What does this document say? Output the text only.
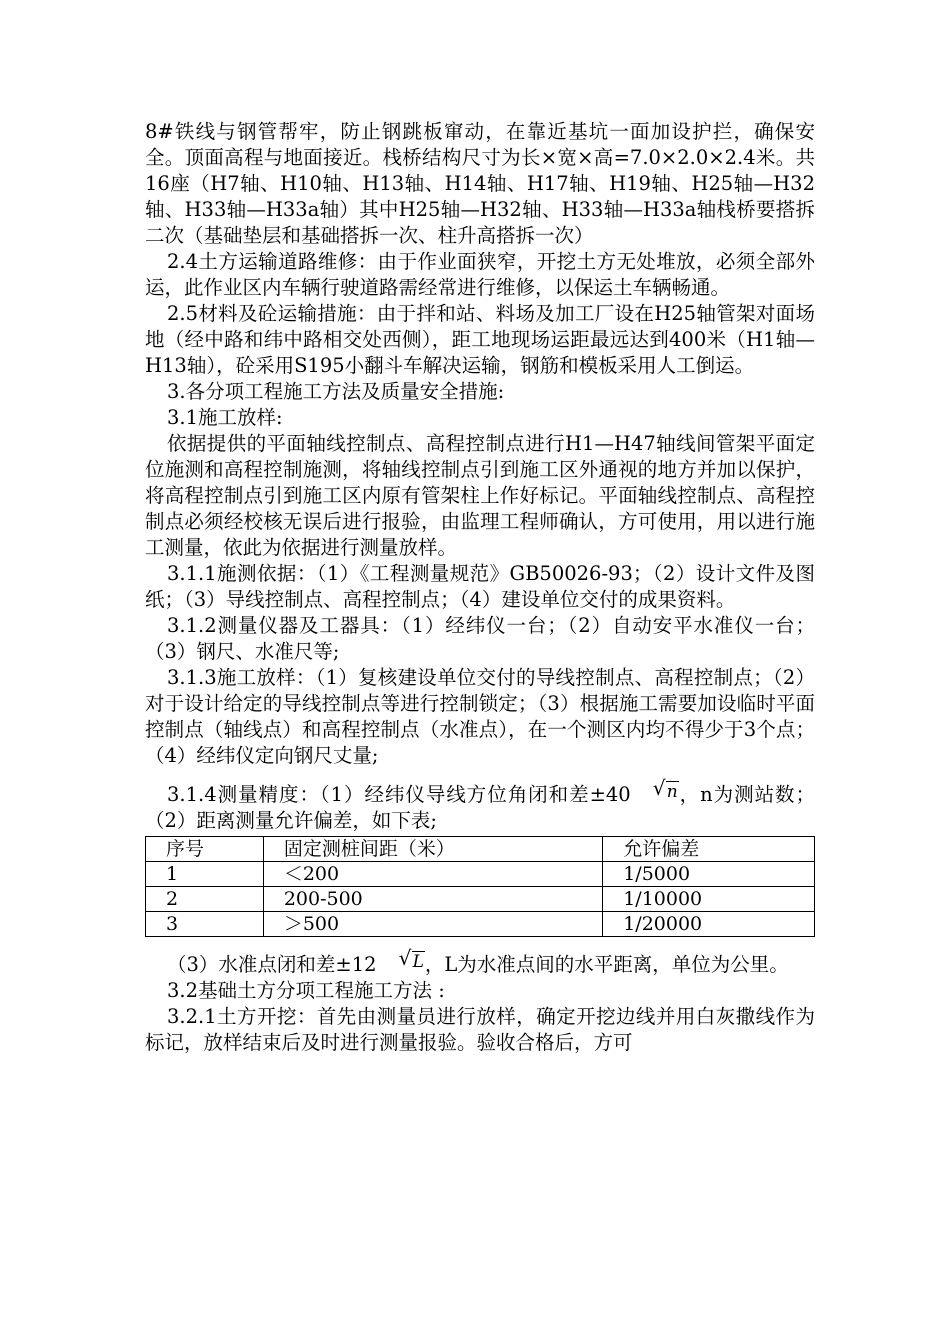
8#铁线与钢管帮牢，防止钢跳板窜动，在靠近基坑一面加设护拦，确保安全。顶面高程与地面接近。栈桥结构尺寸为长×宽×高=7.0×2.0×2.4米。共16座（H7轴、H10轴、H13轴、H14轴、H17轴、H19轴、H25轴—H32轴、H33轴—H33a轴）其中H25轴—H32轴、H33轴—H33a轴栈桥要搭拆二次（基础垫层和基础搭拆一次、柱升高搭拆一次）

2.4土方运输道路维修：由于作业面狭窄，开挖土方无处堆放，必须全部外运，此作业区内车辆行驶道路需经常进行维修，以保运土车辆畅通。

2.5材料及砼运输措施：由于拌和站、料场及加工厂设在H25轴管架对面场地（经中路和纬中路相交处西侧），距工地现场运距最远达到400米（H1轴—H13轴），砼采用S195小翻斗车解决运输，钢筋和模板采用人工倒运。

3.各分项工程施工方法及质量安全措施:

3.1施工放样:

依据提供的平面轴线控制点、高程控制点进行H1—H47轴线间管架平面定位施测和高程控制施测，将轴线控制点引到施工区外通视的地方并加以保护，将高程控制点引到施工区内原有管架柱上作好标记。平面轴线控制点、高程控制点必须经校核无误后进行报验，由监理工程师确认，方可使用，用以进行施工测量，依此为依据进行测量放样。

3.1.1施测依据：（1）《工程测量规范》GB50026-93；（2）设计文件及图纸；（3）导线控制点、高程控制点；（4）建设单位交付的成果资料。

3.1.2测量仪器及工器具：（1）经纬仪一台；（2）自动安平水准仪一台；（3）钢尺、水准尺等;

3.1.3施工放样：（1）复核建设单位交付的导线控制点、高程控制点；（2）对于设计给定的导线控制点等进行控制锁定；（3）根据施工需要加设临时平面控制点（轴线点）和高程控制点（水准点），在一个测区内均不得少于3个点；（4）经纬仪定向钢尺丈量;

3.1.4测量精度：（1）经纬仪导线方位角闭和差±40	√ n，n为测站数；（2）距离测量允许偏差，如下表;

序号	固定测桩间距（米）	允许偏差
1	＜200	1/5000
2	200-500	1/10000
3	＞500	1/20000

（3）水准点闭和差±12	√ L，L为水准点间的水平距离，单位为公里。

3.2基础土方分项工程施工方法 :

3.2.1土方开挖：首先由测量员进行放样，确定开挖边线并用白灰撒线作为标记，放样结束后及时进行测量报验。验收合格后，方可
